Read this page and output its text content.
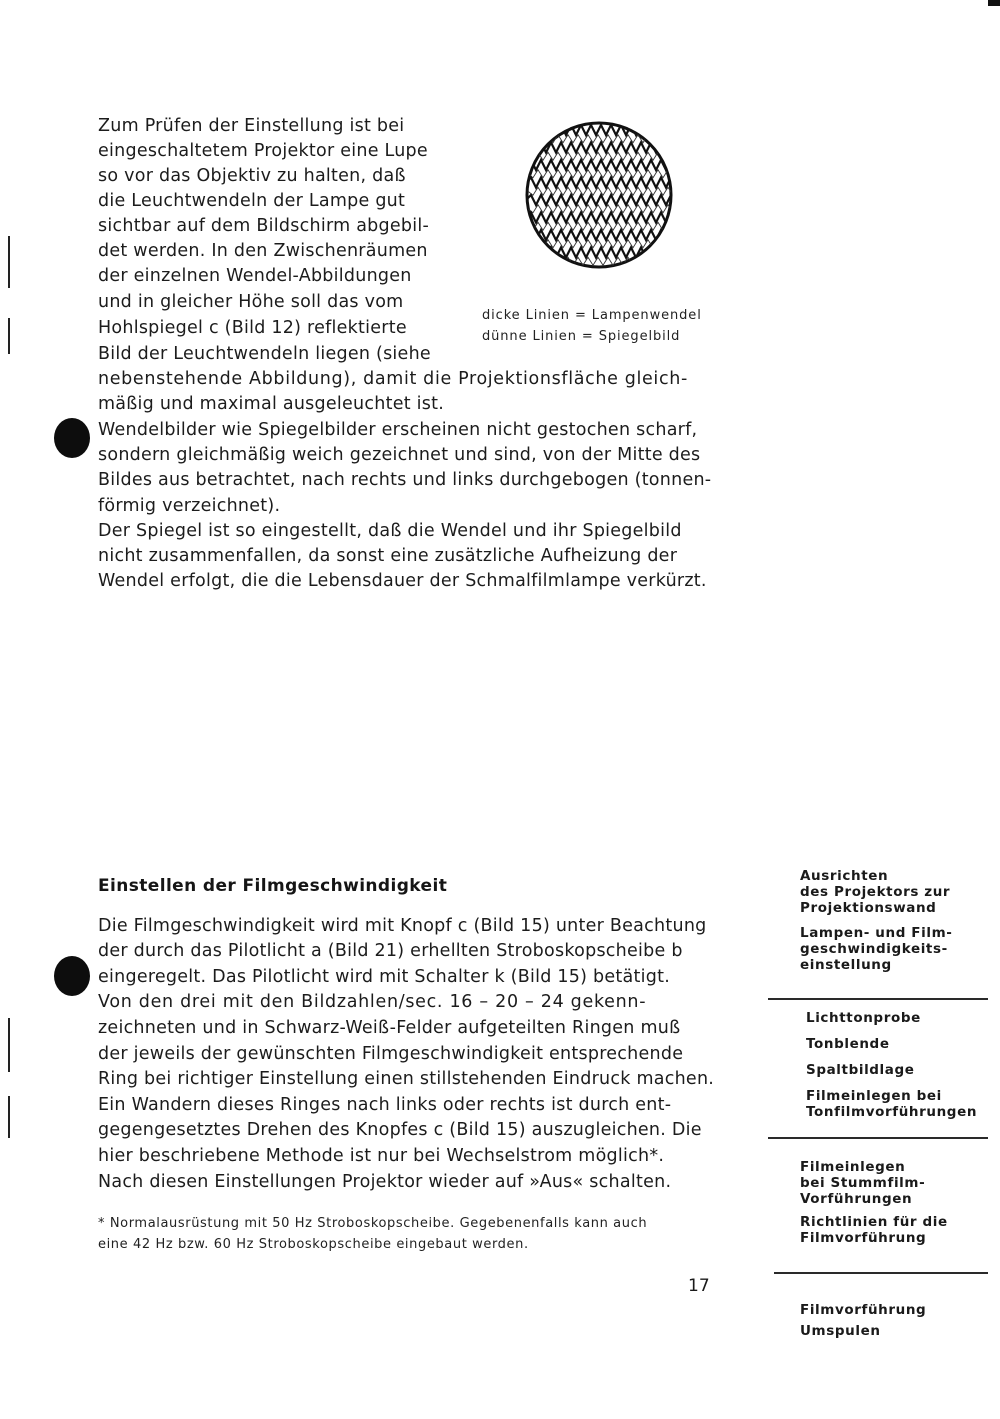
Zum Prüfen der Einstellung ist bei
eingeschaltetem Projektor eine Lupe
so vor das Objektiv zu halten, daß
die Leuchtwendeln der Lampe gut
sichtbar auf dem Bildschirm abgebil-
det werden. In den Zwischenräumen
der einzelnen Wendel-Abbildungen
und in gleicher Höhe soll das vom
Hohlspiegel c (Bild 12) reflektierte
Bild der Leuchtwendeln liegen (siehe
nebenstehende Abbildung), damit die Projektionsfläche gleich-
mäßig und maximal ausgeleuchtet ist.
Wendelbilder wie Spiegelbilder erscheinen nicht gestochen scharf,
sondern gleichmäßig weich gezeichnet und sind, von der Mitte des
Bildes aus betrachtet, nach rechts und links durchgebogen (tonnen-
förmig verzeichnet).
Der Spiegel ist so eingestellt, daß die Wendel und ihr Spiegelbild
nicht zusammenfallen, da sonst eine zusätzliche Aufheizung der
Wendel erfolgt, die die Lebensdauer der Schmalfilmlampe verkürzt.
dicke Linien = Lampenwendel
dünne Linien = Spiegelbild
Einstellen der Filmgeschwindigkeit
Die Filmgeschwindigkeit wird mit Knopf c (Bild 15) unter Beachtung
der durch das Pilotlicht a (Bild 21) erhellten Stroboskopscheibe b
eingeregelt. Das Pilotlicht wird mit Schalter k (Bild 15) betätigt.
Von den drei mit den Bildzahlen/sec. 16 – 20 – 24 gekenn-
zeichneten und in Schwarz-Weiß-Felder aufgeteilten Ringen muß
der jeweils der gewünschten Filmgeschwindigkeit entsprechende
Ring bei richtiger Einstellung einen stillstehenden Eindruck machen.
Ein Wandern dieses Ringes nach links oder rechts ist durch ent-
gegengesetztes Drehen des Knopfes c (Bild 15) auszugleichen. Die
hier beschriebene Methode ist nur bei Wechselstrom möglich*.
Nach diesen Einstellungen Projektor wieder auf »Aus« schalten.
* Normalausrüstung mit 50 Hz Stroboskopscheibe. Gegebenenfalls kann auch
eine 42 Hz bzw. 60 Hz Stroboskopscheibe eingebaut werden.
17
Ausrichten
des Projektors zur
Projektionswand
Lampen- und Film-
geschwindigkeits-
einstellung
Lichttonprobe
Tonblende
Spaltbildlage
Filmeinlegen bei
Tonfilmvorführungen
Filmeinlegen
bei Stummfilm-
Vorführungen
Richtlinien für die
Filmvorführung
Filmvorführung
Umspulen
